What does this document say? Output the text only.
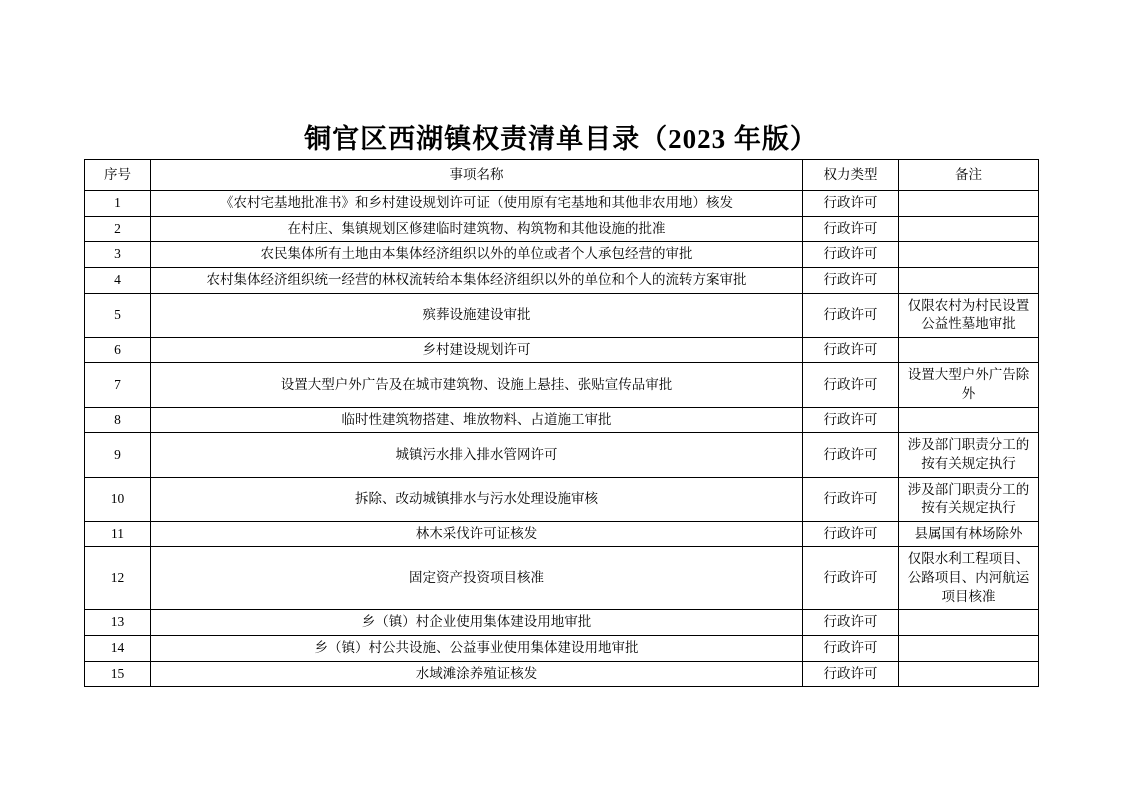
铜官区西湖镇权责清单目录（2023 年版）
序号	事项名称	权力类型	备注
1	《农村宅基地批准书》和乡村建设规划许可证（使用原有宅基地和其他非农用地）核发	行政许可	
2	在村庄、集镇规划区修建临时建筑物、构筑物和其他设施的批准	行政许可	
3	农民集体所有土地由本集体经济组织以外的单位或者个人承包经营的审批	行政许可	
4	农村集体经济组织统一经营的林权流转给本集体经济组织以外的单位和个人的流转方案审批	行政许可	
5	殡葬设施建设审批	行政许可	仅限农村为村民设置
公益性墓地审批
6	乡村建设规划许可	行政许可	
7	设置大型户外广告及在城市建筑物、设施上悬挂、张贴宣传品审批	行政许可	设置大型户外广告除外
8	临时性建筑物搭建、堆放物料、占道施工审批	行政许可	
9	城镇污水排入排水管网许可	行政许可	涉及部门职责分工的
按有关规定执行
10	拆除、改动城镇排水与污水处理设施审核	行政许可	涉及部门职责分工的
按有关规定执行
11	林木采伐许可证核发	行政许可	县属国有林场除外
12	固定资产投资项目核准	行政许可	仅限水利工程项目、
公路项目、内河航运
项目核准
13	乡（镇）村企业使用集体建设用地审批	行政许可	
14	乡（镇）村公共设施、公益事业使用集体建设用地审批	行政许可	
15	水域滩涂养殖证核发	行政许可	
